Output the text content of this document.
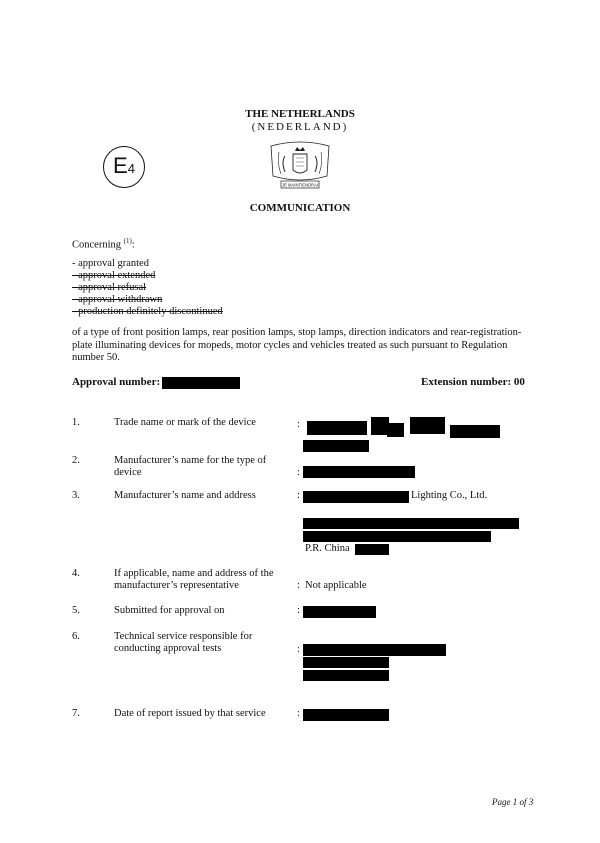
THE NETHERLANDS
(NEDERLAND)
E4
JE MAINTIENDRAI
COMMUNICATION
Concerning $^{(1)}$:
- approval granted
- approval extended
- approval refusal
- approval withdrawn
- production definitely discontinued
of a type of front position lamps, rear position lamps, stop lamps, direction indicators and rear-registration-plate illuminating devices for mopeds, motor cycles and vehicles treated as such pursuant to Regulation number 50.
Approval number:	Extension number: 00
1.	Trade name or mark of the device	:
2.	Manufacturer’s name for the type of device	:
3.	Manufacturer’s name and address	:	Lighting Co., Ltd.
P.R. China
4.	If applicable, name and address of the manufacturer’s representative	: Not applicable
5.	Submitted for approval on	:
6.	Technical service responsible for conducting approval tests	:
7.	Date of report issued by that service	:
Page 1 of 3
